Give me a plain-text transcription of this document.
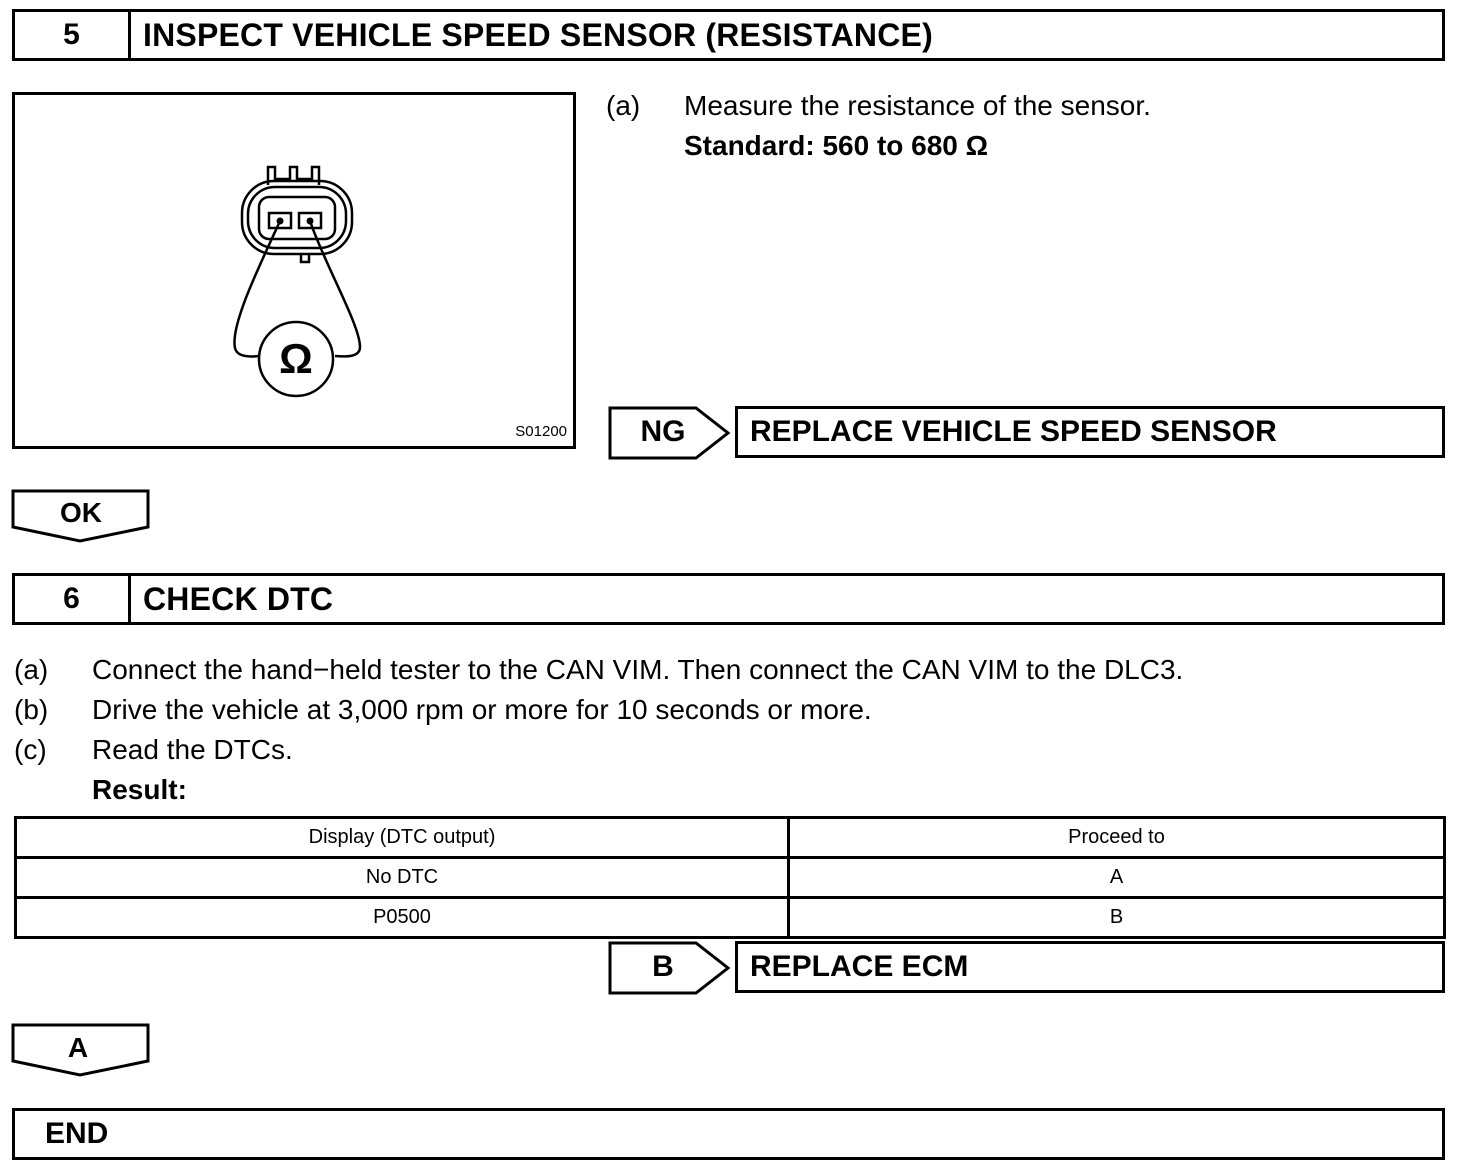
5	INSPECT VEHICLE SPEED SENSOR (RESISTANCE)
Ω
S01200
(a) Measure the resistance of the sensor.
Standard: 560 to 680 Ω
NG	REPLACE VEHICLE SPEED SENSOR
OK
6	CHECK DTC
(a) Connect the hand−held tester to the CAN VIM. Then connect the CAN VIM to the DLC3.
(b) Drive the vehicle at 3,000 rpm or more for 10 seconds or more.
(c) Read the DTCs.
Result:
Display (DTC output)	Proceed to
No DTC	A
P0500	B
B	REPLACE ECM
A
END
